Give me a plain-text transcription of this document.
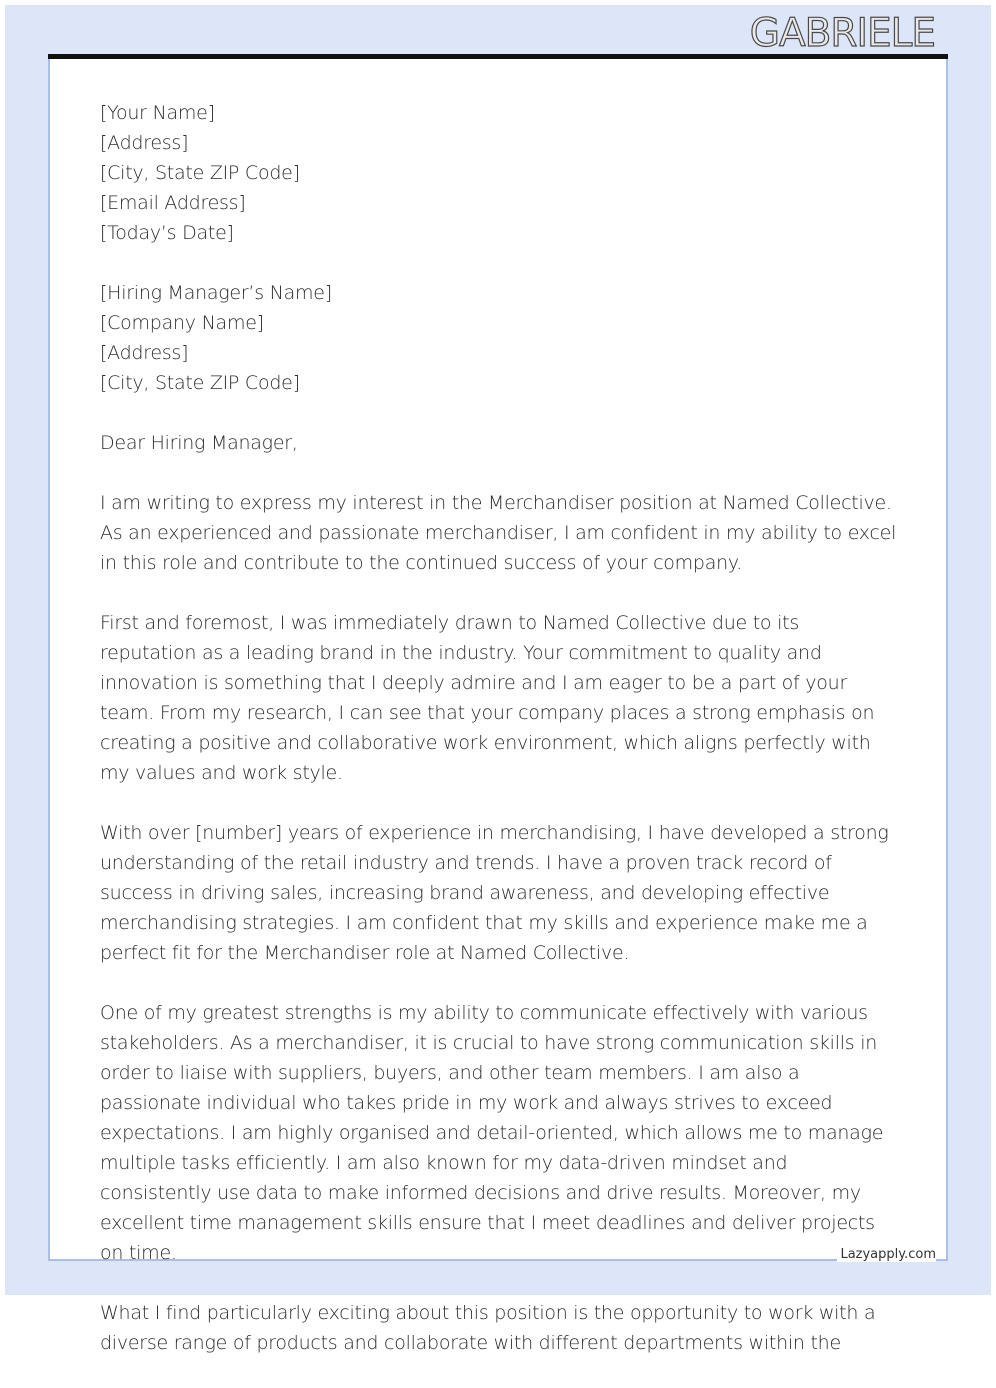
GABRIELE
[Your Name]
[Address]
[City, State ZIP Code]
[Email Address]
[Today’s Date]
[Hiring Manager’s Name]
[Company Name]
[Address]
[City, State ZIP Code]
Dear Hiring Manager,

I am writing to express my interest in the Merchandiser position at Named Collective. As an experienced and passionate merchandiser, I am confident in my ability to excel in this role and contribute to the continued success of your company.

First and foremost, I was immediately drawn to Named Collective due to its reputation as a leading brand in the industry. Your commitment to quality and innovation is something that I deeply admire and I am eager to be a part of your team. From my research, I can see that your company places a strong emphasis on creating a positive and collaborative work environment, which aligns perfectly with my values and work style.

With over [number] years of experience in merchandising, I have developed a strong understanding of the retail industry and trends. I have a proven track record of success in driving sales, increasing brand awareness, and developing effective merchandising strategies. I am confident that my skills and experience make me a perfect fit for the Merchandiser role at Named Collective.

One of my greatest strengths is my ability to communicate effectively with various stakeholders. As a merchandiser, it is crucial to have strong communication skills in order to liaise with suppliers, buyers, and other team members. I am also a passionate individual who takes pride in my work and always strives to exceed expectations. I am highly organised and detail-oriented, which allows me to manage multiple tasks efficiently. I am also known for my data-driven mindset and consistently use data to make informed decisions and drive results. Moreover, my excellent time management skills ensure that I meet deadlines and deliver projects on time.

What I find particularly exciting about this position is the opportunity to work with a diverse range of products and collaborate with different departments within the

Lazyapply.com
